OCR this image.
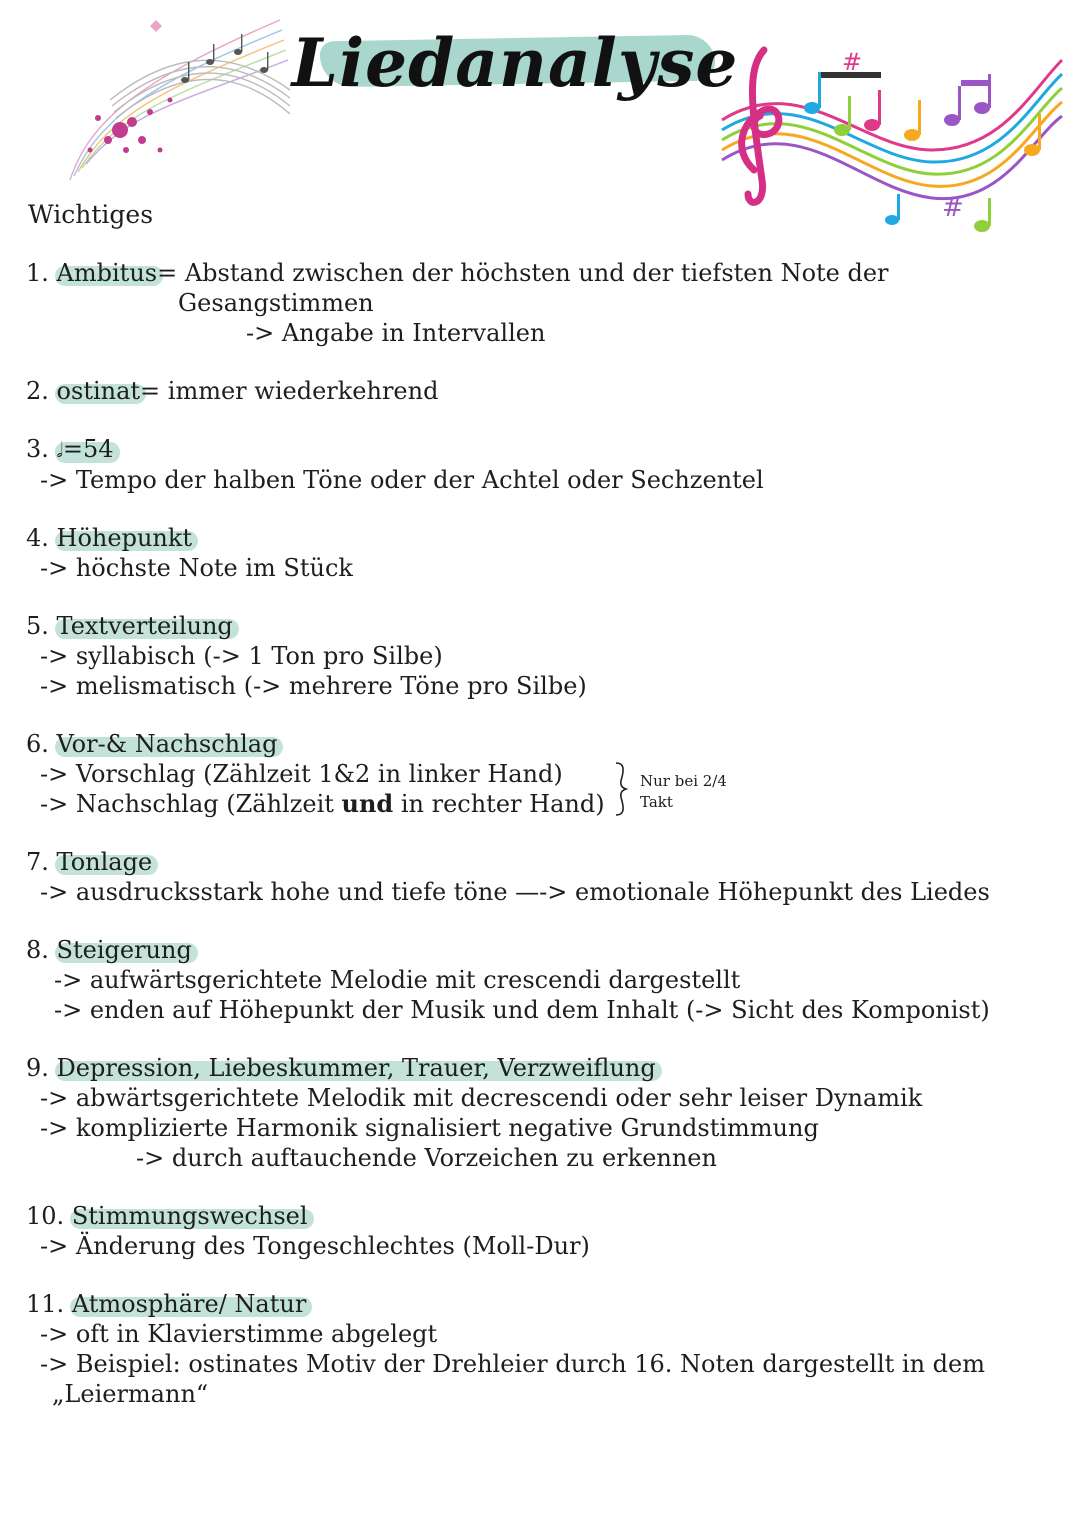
Liedanalyse
#
#
Wichtiges
1. Ambitus= Abstand zwischen der höchsten und der tiefsten Note der
Gesangstimmen
-> Angabe in Intervallen
2. ostinat= immer wiederkehrend
3. 𝅗𝅥=54
-> Tempo der halben Töne oder der Achtel oder Sechzentel
4. Höhepunkt
-> höchste Note im Stück
5. Textverteilung
-> syllabisch (-> 1 Ton pro Silbe)
-> melismatisch (-> mehrere Töne pro Silbe)
6. Vor-& Nachschlag
-> Vorschlag (Zählzeit 1&2 in linker Hand)
-> Nachschlag (Zählzeit und in rechter Hand)
Nur bei 2/4
Takt
7. Tonlage
-> ausdrucksstark hohe und tiefe töne —-> emotionale Höhepunkt des Liedes
8. Steigerung
-> aufwärtsgerichtete Melodie mit crescendi dargestellt
-> enden auf Höhepunkt der Musik und dem Inhalt (-> Sicht des Komponist)
9. Depression, Liebeskummer, Trauer, Verzweiflung
-> abwärtsgerichtete Melodik mit decrescendi oder sehr leiser Dynamik
-> komplizierte Harmonik signalisiert negative Grundstimmung
-> durch auftauchende Vorzeichen zu erkennen
10. Stimmungswechsel
-> Änderung des Tongeschlechtes (Moll-Dur)
11. Atmosphäre/ Natur
-> oft in Klavierstimme abgelegt
-> Beispiel: ostinates Motiv der Drehleier durch 16. Noten dargestellt in dem
„Leiermann“
